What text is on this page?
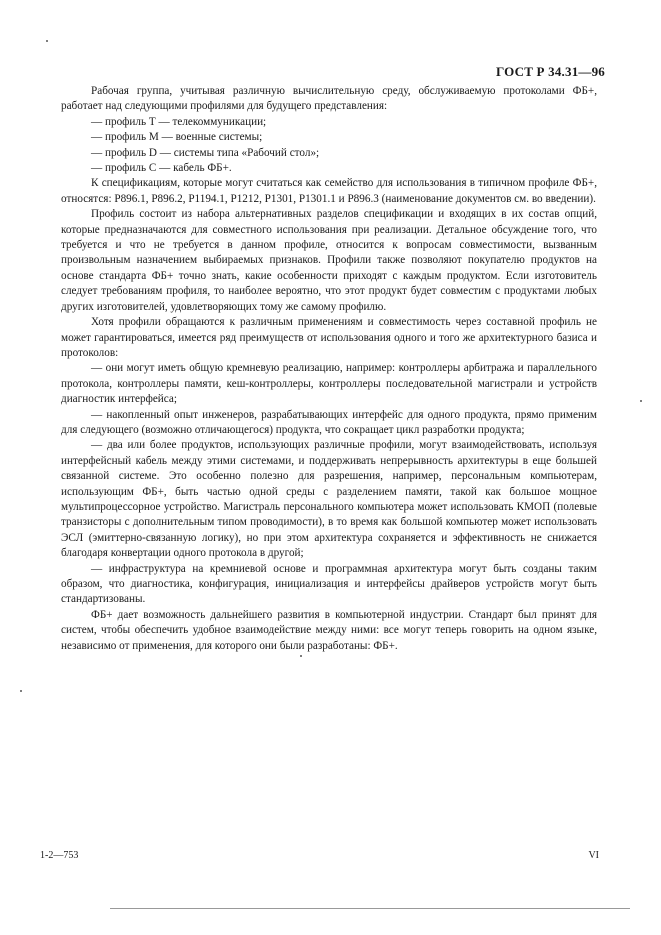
ГОСТ Р 34.31—96

Рабочая группа, учитывая различную вычислительную среду, обслуживаемую протоколами ФБ+, работает над следующими профилями для будущего представления:

— профиль Т — телекоммуникации;

— профиль М — военные системы;

— профиль D — системы типа «Рабочий стол»;

— профиль С — кабель ФБ+.

К спецификациям, которые могут считаться как семейство для использования в типичном профиле ФБ+, относятся: P896.1, P896.2, P1194.1, P1212, P1301, P1301.1 и P896.3 (наименование документов см. во введении).

Профиль состоит из набора альтернативных разделов спецификации и входящих в их состав опций, которые предназначаются для совместного использования при реализации. Детальное обсуждение того, что требуется и что не требуется в данном профиле, относится к вопросам совместимости, вызванным произвольным назначением выбираемых признаков. Профили также позволяют покупателю продуктов на основе стандарта ФБ+ точно знать, какие особенности приходят с каждым продуктом. Если изготовитель следует требованиям профиля, то наиболее вероятно, что этот продукт будет совместим с продуктами любых других изготовителей, удовлетворяющих тому же самому профилю.

Хотя профили обращаются к различным применениям и совместимость через составной профиль не может гарантироваться, имеется ряд преимуществ от использования одного и того же архитектурного базиса и протоколов:

— они могут иметь общую кремневую реализацию, например: контроллеры арбитража и параллельного протокола, контроллеры памяти, кеш-контроллеры, контроллеры последовательной магистрали и устройств диагностик интерфейса;

— накопленный опыт инженеров, разрабатывающих интерфейс для одного продукта, прямо применим для следующего (возможно отличающегося) продукта, что сокращает цикл разработки продукта;

— два или более продуктов, использующих различные профили, могут взаимодействовать, используя интерфейсный кабель между этими системами, и поддерживать непрерывность архитектуры в еще большей связанной системе. Это особенно полезно для разрешения, например, персональным компьютерам, использующим ФБ+, быть частью одной среды с разделением памяти, такой как большое мощное мультипроцессорное устройство. Магистраль персонального компьютера может использовать КМОП (полевые транзисторы с дополнительным типом проводимости), в то время как большой компьютер может использовать ЭСЛ (эмиттерно-связанную логику), но при этом архитектура сохраняется и эффективность не снижается благодаря конвертации одного протокола в другой;

— инфраструктура на кремниевой основе и программная архитектура могут быть созданы таким образом, что диагностика, конфигурация, инициализация и интерфейсы драйверов устройств могут быть стандартизованы.

ФБ+ дает возможность дальнейшего развития в компьютерной индустрии. Стандарт был принят для систем, чтобы обеспечить удобное взаимодействие между ними: все могут теперь говорить на одном языке, независимо от применения, для которого они были разработаны: ФБ+.

1-2—753	VI
